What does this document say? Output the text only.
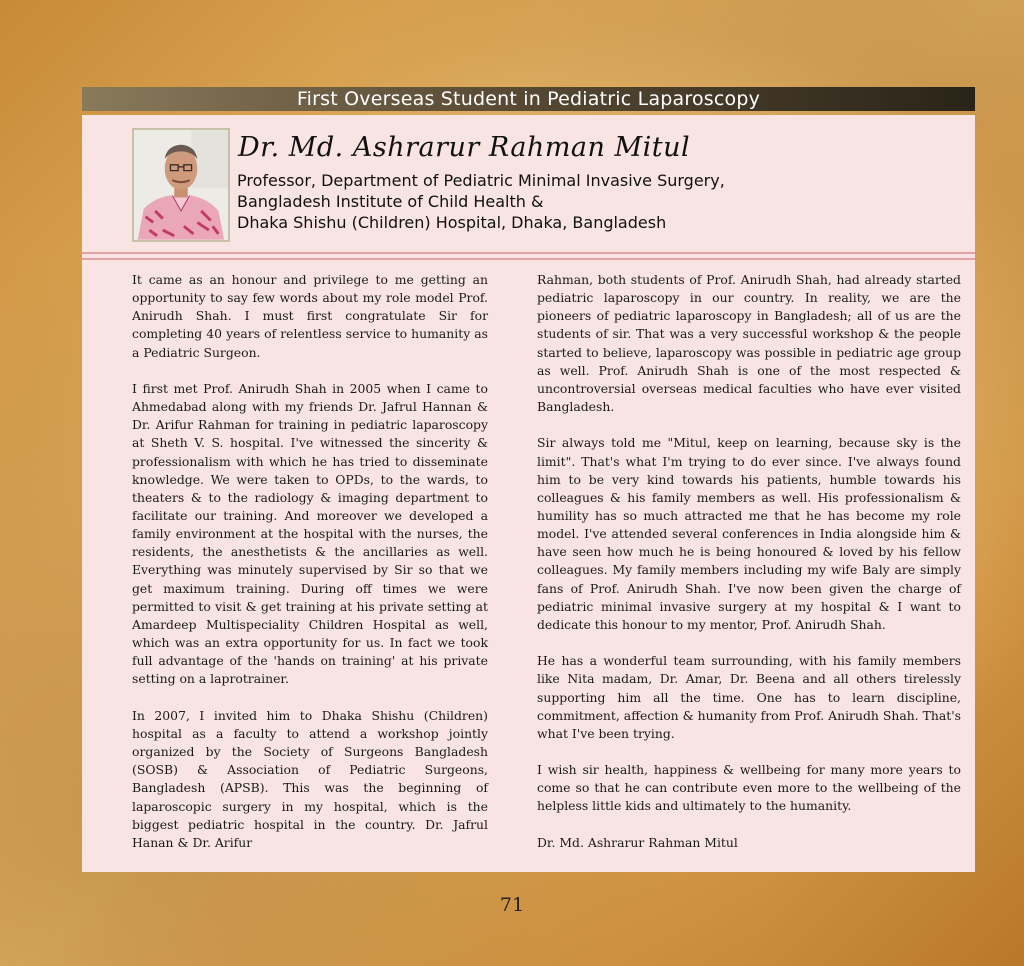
First Overseas Student in Pediatric Laparoscopy
Dr. Md. Ashrarur Rahman Mitul
Professor, Department of Pediatric Minimal Invasive Surgery,
Bangladesh Institute of Child Health &
Dhaka Shishu (Children) Hospital, Dhaka, Bangladesh

It came as an honour and privilege to me getting an opportunity to say few words about my role model Prof. Anirudh Shah. I must first congratulate Sir for completing 40 years of relentless service to humanity as a Pediatric Surgeon.

I first met Prof. Anirudh Shah in 2005 when I came to Ahmedabad along with my friends Dr. Jafrul Hannan & Dr. Arifur Rahman for training in pediatric laparoscopy at Sheth V. S. hospital. I've witnessed the sincerity & professionalism with which he has tried to disseminate knowledge. We were taken to OPDs, to the wards, to theaters & to the radiology & imaging department to facilitate our training. And moreover we developed a family environment at the hospital with the nurses, the residents, the anesthetists & the ancillaries as well. Everything was minutely supervised by Sir so that we get maximum training. During off times we were permitted to visit & get training at his private setting at Amardeep Multispeciality Children Hospital as well, which was an extra opportunity for us. In fact we took full advantage of the 'hands on training' at his private setting on a laprotrainer.

In 2007, I invited him to Dhaka Shishu (Children) hospital as a faculty to attend a workshop jointly organized by the Society of Surgeons Bangladesh (SOSB) & Association of Pediatric Surgeons, Bangladesh (APSB). This was the beginning of laparoscopic surgery in my hospital, which is the biggest pediatric hospital in the country. Dr. Jafrul Hanan & Dr. Arifur

Rahman, both students of Prof. Anirudh Shah, had already started pediatric laparoscopy in our country. In reality, we are the pioneers of pediatric laparoscopy in Bangladesh; all of us are the students of sir. That was a very successful workshop & the people started to believe, laparoscopy was possible in pediatric age group as well. Prof. Anirudh Shah is one of the most respected & uncontroversial overseas medical faculties who have ever visited Bangladesh.

Sir always told me "Mitul, keep on learning, because sky is the limit". That's what I'm trying to do ever since. I've always found him to be very kind towards his patients, humble towards his colleagues & his family members as well. His professionalism & humility has so much attracted me that he has become my role model. I've attended several conferences in India alongside him & have seen how much he is being honoured & loved by his fellow colleagues. My family members including my wife Baly are simply fans of Prof. Anirudh Shah. I've now been given the charge of pediatric minimal invasive surgery at my hospital & I want to dedicate this honour to my mentor, Prof. Anirudh Shah.

He has a wonderful team surrounding, with his family members like Nita madam, Dr. Amar, Dr. Beena and all others tirelessly supporting him all the time. One has to learn discipline, commitment, affection & humanity from Prof. Anirudh Shah. That's what I've been trying.

I wish sir health, happiness & wellbeing for many more years to come so that he can contribute even more to the wellbeing of the helpless little kids and ultimately to the humanity.

Dr. Md. Ashrarur Rahman Mitul

71
